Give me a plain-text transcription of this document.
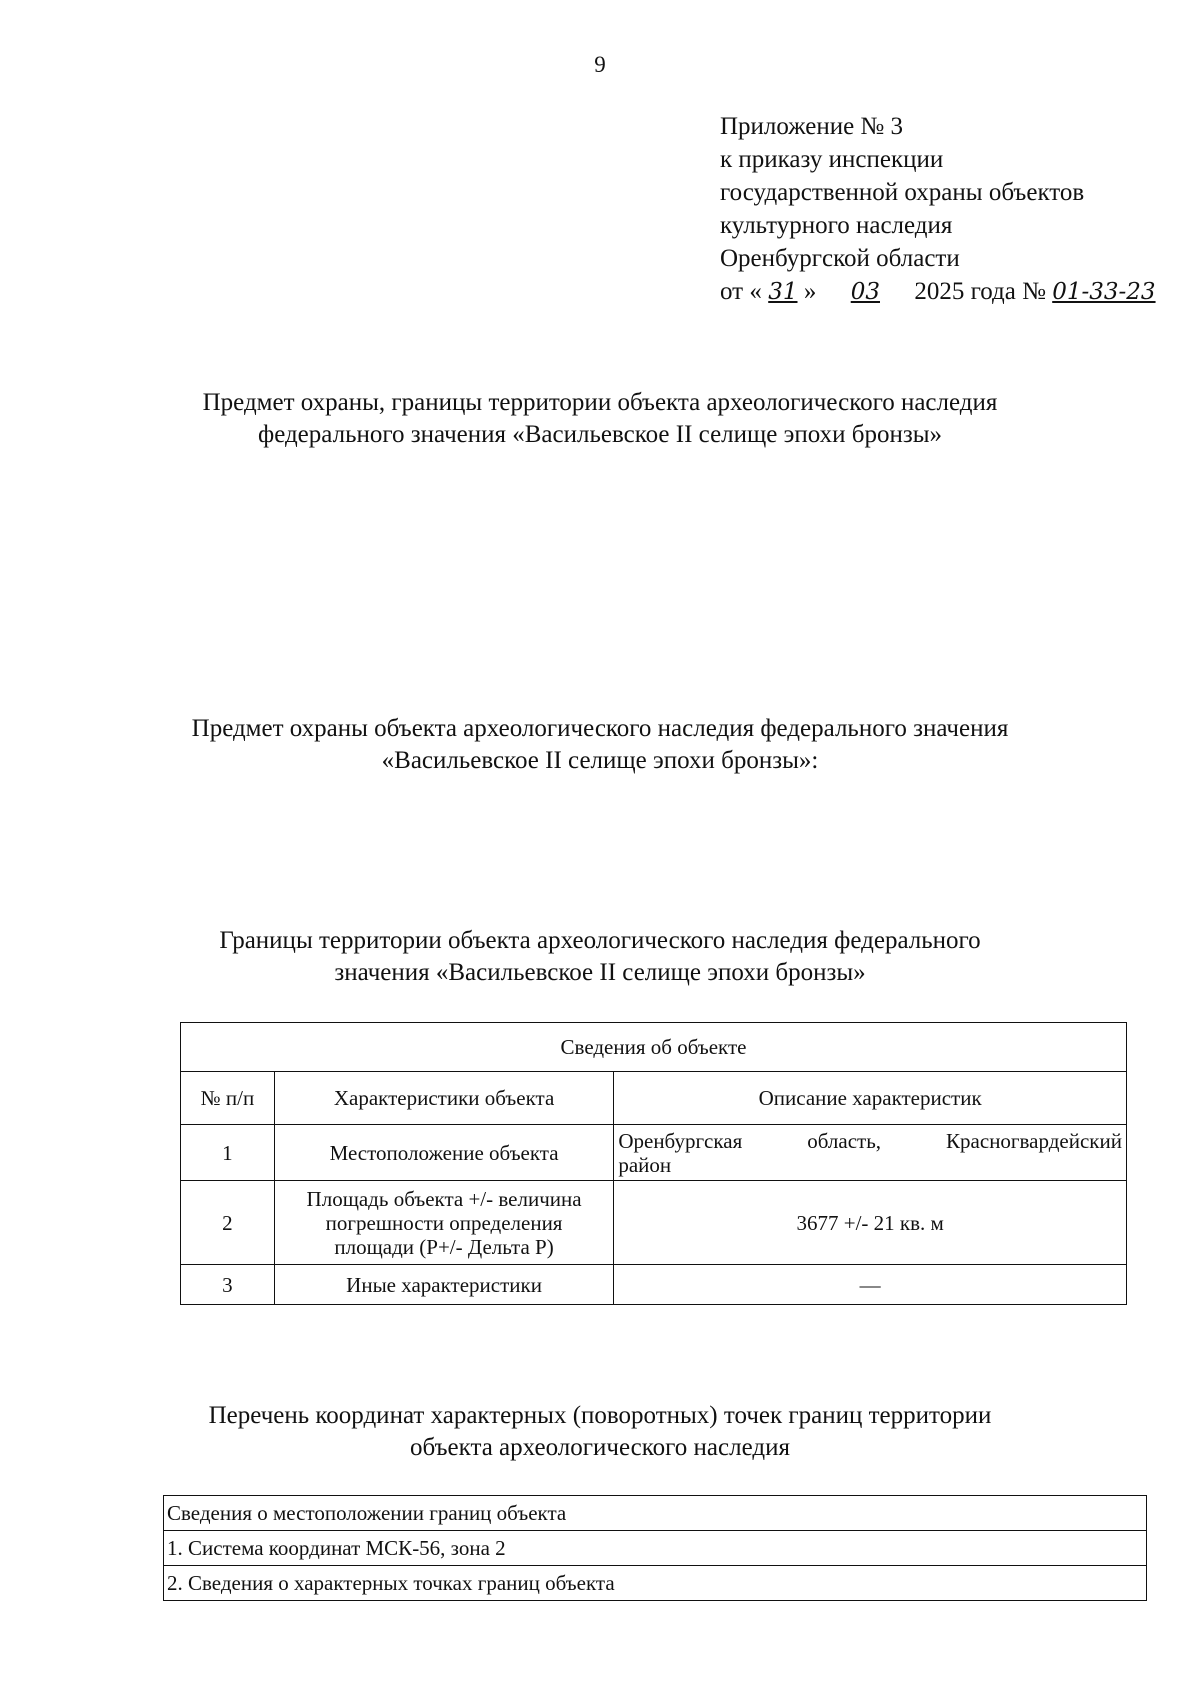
9
Приложение № 3
к приказу инспекции
государственной охраны объектов
культурного наследия
Оренбургской области
от « 31 » 03 2025 года № 01-33-23
Предмет охраны, границы территории объекта археологического наследия
федерального значения «Васильевское II селище эпохи бронзы»
Предмет охраны объекта археологического наследия федерального значения
«Васильевское II селище эпохи бронзы»:
Границы территории объекта археологического наследия федерального
значения «Васильевское II селище эпохи бронзы»
Сведения об объекте		
№ п/п	Характеристики объекта	Описание характеристик
1	Местоположение объекта	Оренбургская область, Красногвардейский
район

2	Площадь объекта +/- величина
погрешности определения
площади (P+/- Дельта P)	3677 +/- 21 кв. м
3	Иные характеристики	—
Перечень координат характерных (поворотных) точек границ территории
объекта археологического наследия
Сведения о местоположении границ объекта
1. Система координат МСК-56, зона 2
2. Сведения о характерных точках границ объекта
